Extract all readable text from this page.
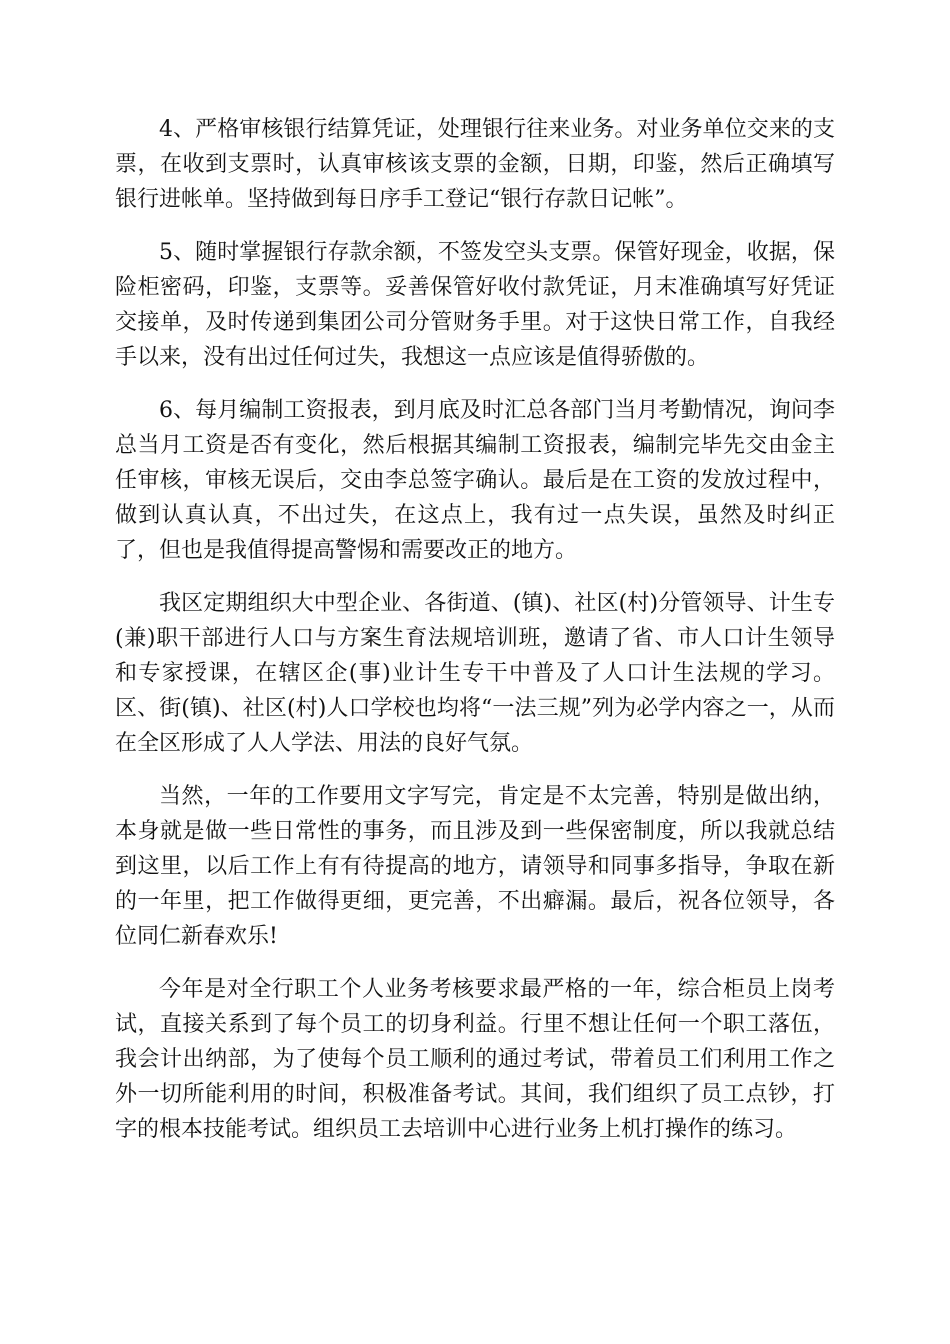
4、严格审核银行结算凭证，处理银行往来业务。对业务单位交来的支票，在收到支票时，认真审核该支票的金额，日期，印鉴，然后正确填写银行进帐单。坚持做到每日序手工登记“银行存款日记帐”。

5、随时掌握银行存款余额，不签发空头支票。保管好现金，收据，保险柜密码，印鉴，支票等。妥善保管好收付款凭证，月末准确填写好凭证交接单，及时传递到集团公司分管财务手里。对于这快日常工作，自我经手以来，没有出过任何过失，我想这一点应该是值得骄傲的。

6、每月编制工资报表，到月底及时汇总各部门当月考勤情况，询问李总当月工资是否有变化，然后根据其编制工资报表，编制完毕先交由金主任审核，审核无误后，交由李总签字确认。最后是在工资的发放过程中，做到认真认真，不出过失，在这点上，我有过一点失误，虽然及时纠正了，但也是我值得提高警惕和需要改正的地方。

我区定期组织大中型企业、各街道、(镇)、社区(村)分管领导、计生专(兼)职干部进行人口与方案生育法规培训班，邀请了省、市人口计生领导和专家授课，在辖区企(事)业计生专干中普及了人口计生法规的学习。区、街(镇)、社区(村)人口学校也均将“一法三规”列为必学内容之一，从而在全区形成了人人学法、用法的良好气氛。

当然，一年的工作要用文字写完，肯定是不太完善，特别是做出纳，本身就是做一些日常性的事务，而且涉及到一些保密制度，所以我就总结到这里，以后工作上有有待提高的地方，请领导和同事多指导，争取在新的一年里，把工作做得更细，更完善，不出癖漏。最后，祝各位领导，各位同仁新春欢乐!

今年是对全行职工个人业务考核要求最严格的一年，综合柜员上岗考试，直接关系到了每个员工的切身利益。行里不想让任何一个职工落伍，我会计出纳部，为了使每个员工顺利的通过考试，带着员工们利用工作之外一切所能利用的时间，积极准备考试。其间，我们组织了员工点钞，打字的根本技能考试。组织员工去培训中心进行业务上机打操作的练习。
